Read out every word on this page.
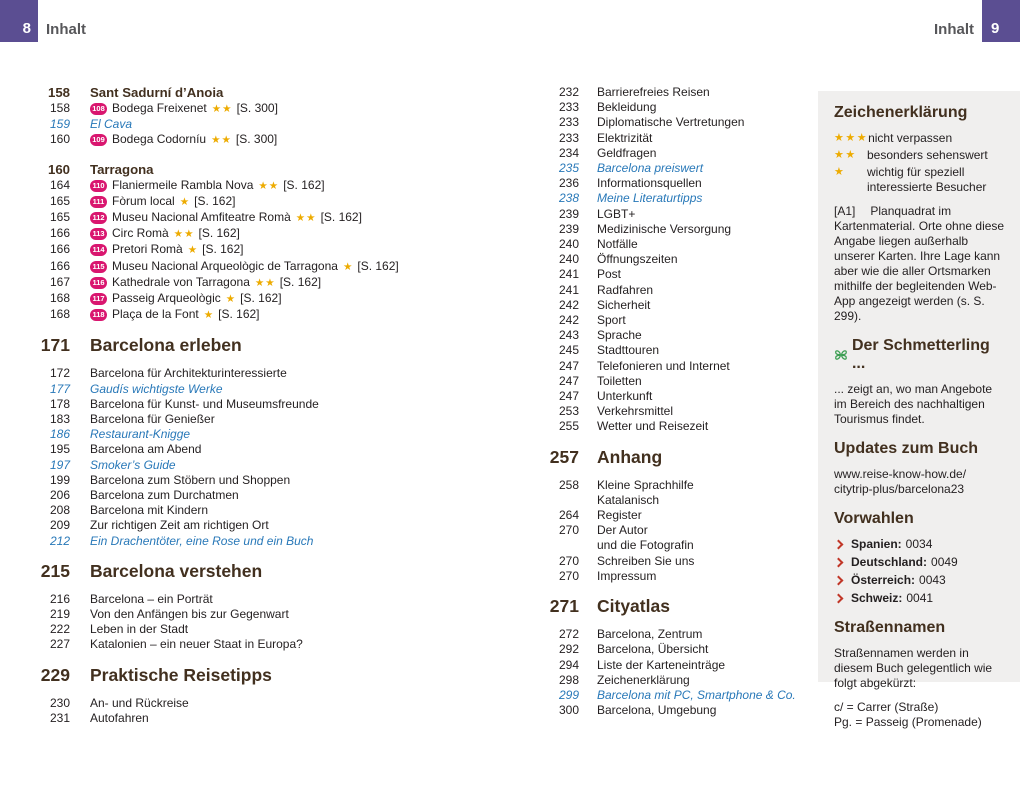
8 Inhalt	Inhalt 9
158 Sant Sadurní d’Anoia
158	108 Bodega Freixenet ★★ [S. 300]
159 El Cava
160	109 Bodega Codorníu ★★ [S. 300]
160 Tarragona
164	110 Flaniermeile Rambla Nova ★★ [S. 162]
165	111 Fòrum local ★ [S. 162]
165	112 Museu Nacional Amfiteatre Romà ★★ [S. 162]
166	113 Circ Romà ★★ [S. 162]
166	114 Pretori Romà ★ [S. 162]
166	115 Museu Nacional Arqueològic de Tarragona ★ [S. 162]
167	116 Kathedrale von Tarragona ★★ [S. 162]
168	117 Passeig Arqueològic ★ [S. 162]
168	118 Plaça de la Font ★ [S. 162]
171 Barcelona erleben
172 Barcelona für Architekturinteressierte
177 Gaudís wichtigste Werke
178 Barcelona für Kunst- und Museumsfreunde
183 Barcelona für Genießer
186 Restaurant-Knigge
195 Barcelona am Abend
197 Smoker’s Guide
199 Barcelona zum Stöbern und Shoppen
206 Barcelona zum Durchatmen
208 Barcelona mit Kindern
209 Zur richtigen Zeit am richtigen Ort
212 Ein Drachentöter, eine Rose und ein Buch
215 Barcelona verstehen
216 Barcelona – ein Porträt
219 Von den Anfängen bis zur Gegenwart
222 Leben in der Stadt
227 Katalonien – ein neuer Staat in Europa?
229 Praktische Reisetipps
230 An- und Rückreise
231 Autofahren
232 Barrierefreies Reisen
233 Bekleidung
233 Diplomatische Vertretungen
233 Elektrizität
234 Geldfragen
235 Barcelona preiswert
236 Informationsquellen
238 Meine Literaturtipps
239 LGBT+
239 Medizinische Versorgung
240 Notfälle
240 Öffnungszeiten
241 Post
241 Radfahren
242 Sicherheit
242 Sport
243 Sprache
245 Stadttouren
247 Telefonieren und Internet
247 Toiletten
247 Unterkunft
253 Verkehrsmittel
255 Wetter und Reisezeit
257 Anhang
258 Kleine Sprachhilfe
Katalanisch
264 Register
270 Der Autor
und die Fotografin
270 Schreiben Sie uns
270 Impressum
271 Cityatlas
272 Barcelona, Zentrum
292 Barcelona, Übersicht
294 Liste der Karteneinträge
298 Zeichenerklärung
299 Barcelona mit PC, Smartphone & Co.
300 Barcelona, Umgebung
Zeichenerklärung
★★★ nicht verpassen
★★ besonders sehenswert
★	wichtig für speziell interessierte Besucher

[A1] Planquadrat im Kartenmaterial. Orte ohne diese Angabe liegen außerhalb unserer Karten. Ihre Lage kann aber wie die aller Ortsmarken mithilfe der begleitenden Web-App angezeigt werden (s. S. 299).

Der Schmetterling ...

... zeigt an, wo man Angebote im Bereich des nachhaltigen Tourismus findet.

Updates zum Buch

www.reise-know-how.de/
citytrip-plus/barcelona23

Vorwahlen
Spanien: 0034
Deutschland: 0049
Österreich: 0043
Schweiz: 0041
Straßennamen

Straßennamen werden in diesem Buch gelegentlich wie folgt abgekürzt:

c/ = Carrer (Straße)
Pg. = Passeig (Promenade)
